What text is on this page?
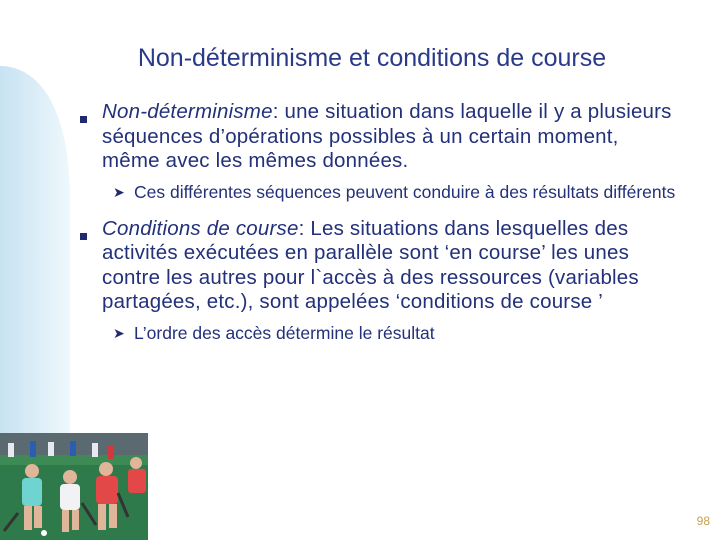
Non-déterminisme et conditions de course
Non-déterminisme: une situation dans laquelle il y a plusieurs séquences d’opérations possibles à un certain moment, même avec les mêmes données.
➤ Ces différentes séquences peuvent conduire à des résultats différents
Conditions de course: Les situations dans lesquelles des activités exécutées en parallèle sont ‘en course’ les unes contre les autres pour l`accès à des ressources (variables partagées, etc.), sont appelées ‘conditions de course ’
➤ L’ordre des accès détermine le résultat
98
